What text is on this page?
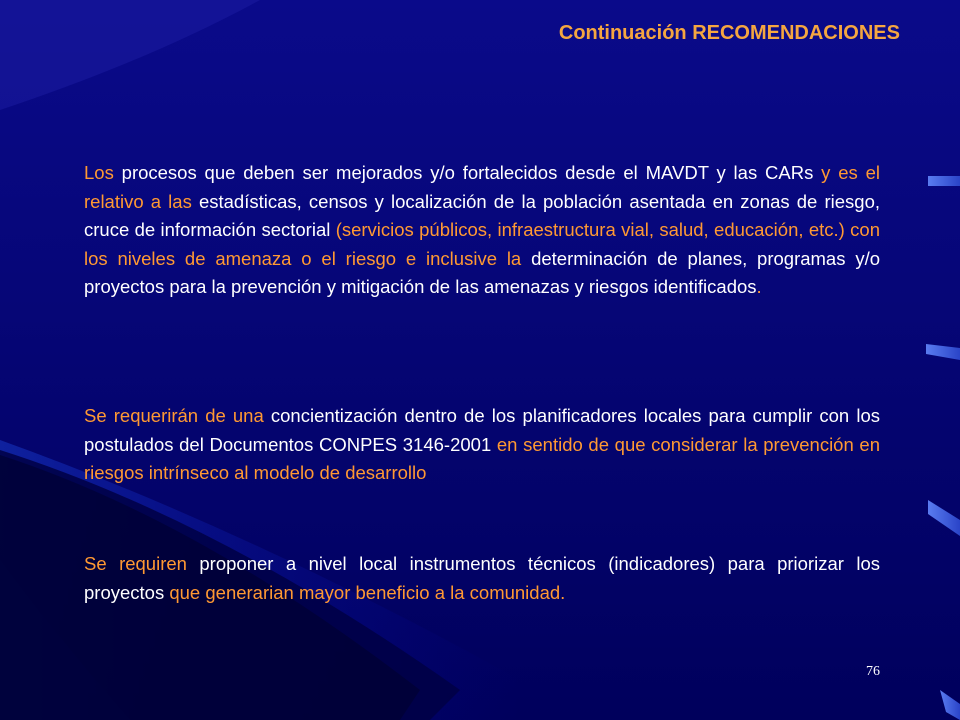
Continuación RECOMENDACIONES

Los procesos que deben ser mejorados y/o fortalecidos desde el MAVDT y las CARs y es el relativo a las estadísticas, censos y localización de la población asentada en zonas de riesgo, cruce de información sectorial (servicios públicos, infraestructura vial, salud, educación, etc.) con los niveles de amenaza o el riesgo e inclusive la determinación de planes, programas y/o proyectos para la prevención y mitigación de las amenazas y riesgos identificados.

Se requerirán de una concientización dentro de los planificadores locales para cumplir con los postulados del Documentos CONPES 3146-2001 en sentido de que considerar la prevención en riesgos intrínseco al modelo de desarrollo

Se requiren proponer a nivel local instrumentos técnicos (indicadores) para priorizar los proyectos que generarian mayor beneficio a la comunidad.

76
